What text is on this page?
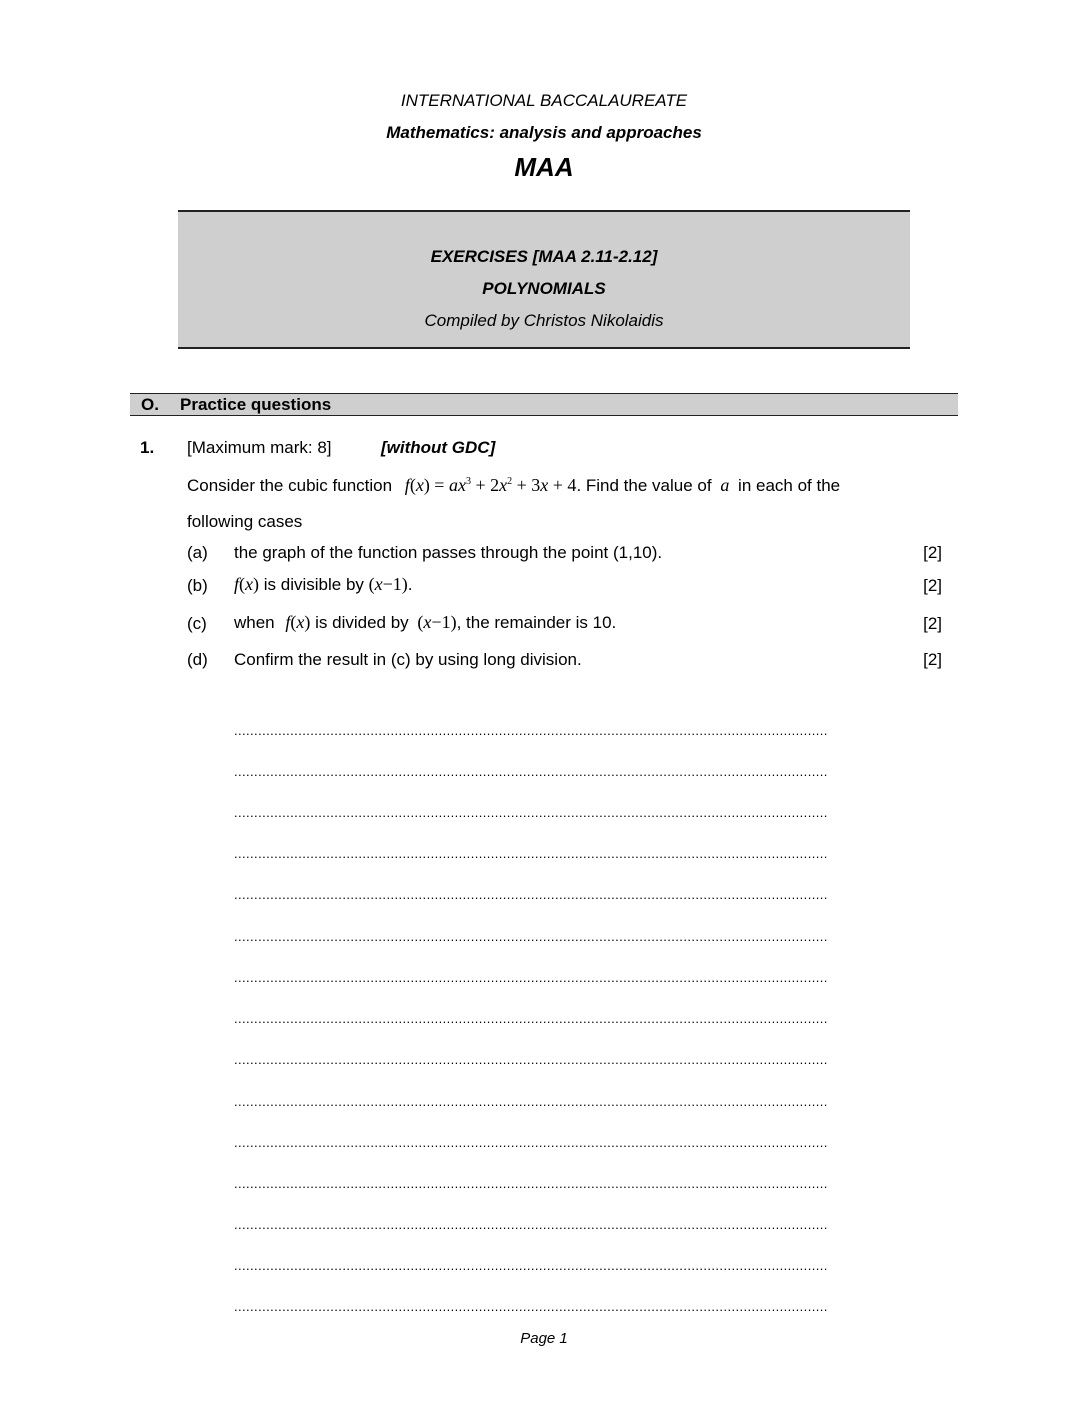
INTERNATIONAL BACCALAUREATE
Mathematics: analysis and approaches
MAA
EXERCISES [MAA 2.11-2.12]
POLYNOMIALS
Compiled by Christos Nikolaidis
O. Practice questions
1. [Maximum mark: 8]	[without GDC]
Consider the cubic function $f(x) = ax^3 + 2x^2 + 3x + 4$. Find the value of a in each of the
following cases
(a) the graph of the function passes through the point (1,10).	[2]
(b) f(x) is divisible by (x−1).	[2]
(c) when f(x) is divided by (x−1), the remainder is 10.	[2]
(d) Confirm the result in (c) by using long division.	[2]
....................................................................................................................................................
....................................................................................................................................................
....................................................................................................................................................
....................................................................................................................................................
....................................................................................................................................................
....................................................................................................................................................
....................................................................................................................................................
....................................................................................................................................................
....................................................................................................................................................
....................................................................................................................................................
....................................................................................................................................................
....................................................................................................................................................
....................................................................................................................................................
....................................................................................................................................................
....................................................................................................................................................
Page 1
